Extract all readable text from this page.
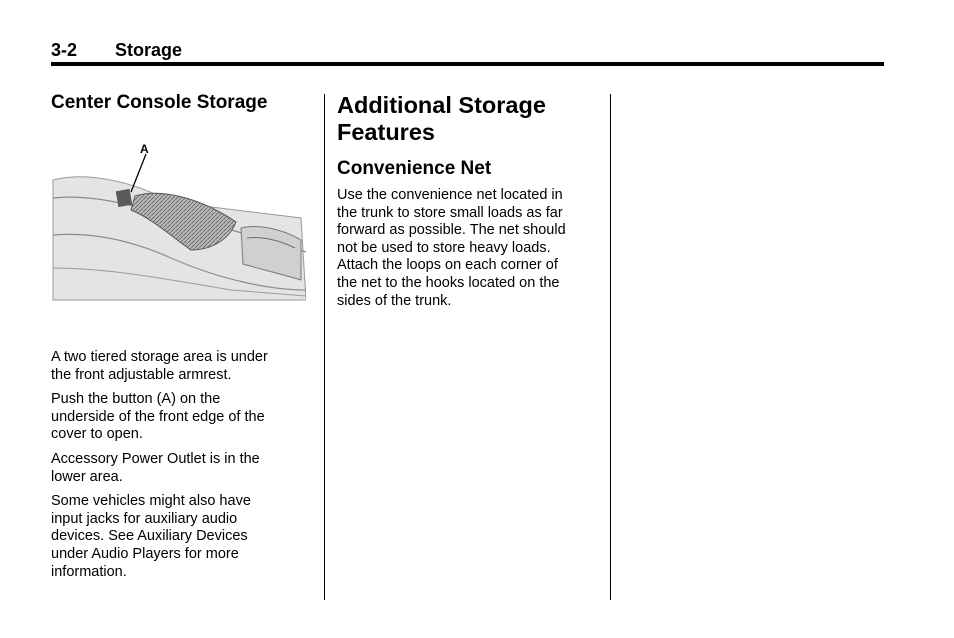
3-2 Storage
Center Console Storage
A

A two tiered storage area is under
the front adjustable armrest.

Push the button (A) on the
underside of the front edge of the
cover to open.

Accessory Power Outlet is in the
lower area.

Some vehicles might also have
input jacks for auxiliary audio
devices. See Auxiliary Devices
under Audio Players for more
information.

Additional Storage
Features
Convenience Net

Use the convenience net located in
the trunk to store small loads as far
forward as possible. The net should
not be used to store heavy loads.
Attach the loops on each corner of
the net to the hooks located on the
sides of the trunk.
